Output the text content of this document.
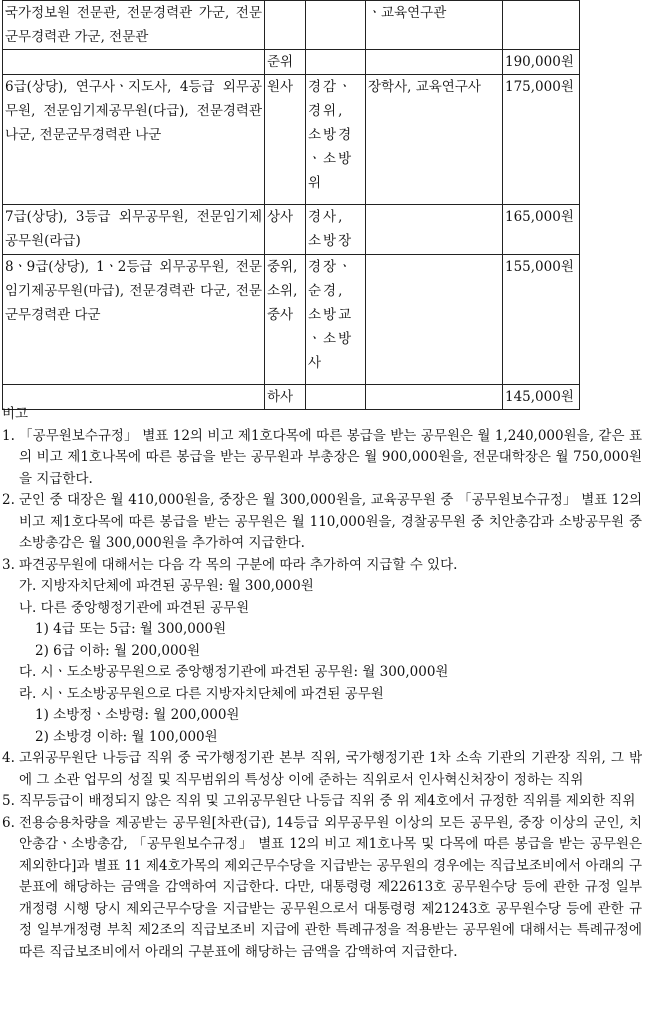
국가정보원 전문관, 전문경력관 가군, 전문군무경력관 가군, 전문관			ㆍ교육연구관	
	준위			190,000원
6급(상당), 연구사ㆍ지도사, 4등급 외무공무원, 전문임기제공무원(다급), 전문경력관 나군, 전문군무경력관 나군	원사	경감ㆍ경위, 소방경ㆍ소방위	장학사, 교육연구사	175,000원
7급(상당), 3등급 외무공무원, 전문임기제공무원(라급)	상사	경사, 소방장		165,000원
8ㆍ9급(상당), 1ㆍ2등급 외무공무원, 전문임기제공무원(마급), 전문경력관 다군, 전문군무경력관 다군	중위, 소위, 중사	경장ㆍ순경, 소방교ㆍ소방사		155,000원
	하사			145,000원

비고

1. 「공무원보수규정」 별표 12의 비고 제1호다목에 따른 봉급을 받는 공무원은 월 1,240,000원을, 같은 표의 비고 제1호나목에 따른 봉급을 받는 공무원과 부총장은 월 900,000원을, 전문대학장은 월 750,000원을 지급한다.
2. 군인 중 대장은 월 410,000원을, 중장은 월 300,000원을, 교육공무원 중 「공무원보수규정」 별표 12의 비고 제1호다목에 따른 봉급을 받는 공무원은 월 110,000원을, 경찰공무원 중 치안총감과 소방공무원 중 소방총감은 월 300,000원을 추가하여 지급한다.
3. 파견공무원에 대해서는 다음 각 목의 구분에 따라 추가하여 지급할 수 있다.

가. 지방자치단체에 파견된 공무원: 월 300,000원

나. 다른 중앙행정기관에 파견된 공무원

1) 4급 또는 5급: 월 300,000원

2) 6급 이하: 월 200,000원

다. 시ㆍ도소방공무원으로 중앙행정기관에 파견된 공무원: 월 300,000원

라. 시ㆍ도소방공무원으로 다른 지방자치단체에 파견된 공무원

1) 소방정ㆍ소방령: 월 200,000원

2) 소방경 이하: 월 100,000원

4. 고위공무원단 나등급 직위 중 국가행정기관 본부 직위, 국가행정기관 1차 소속 기관의 기관장 직위, 그 밖에 그 소관 업무의 성질 및 직무범위의 특성상 이에 준하는 직위로서 인사혁신처장이 정하는 직위
5. 직무등급이 배정되지 않은 직위 및 고위공무원단 나등급 직위 중 위 제4호에서 규정한 직위를 제외한 직위
6. 전용승용차량을 제공받는 공무원[차관(급), 14등급 외무공무원 이상의 모든 공무원, 중장 이상의 군인, 치안총감ㆍ소방총감, 「공무원보수규정」 별표 12의 비고 제1호나목 및 다목에 따른 봉급을 받는 공무원은 제외한다]과 별표 11 제4호가목의 제외근무수당을 지급받는 공무원의 경우에는 직급보조비에서 아래의 구분표에 해당하는 금액을 감액하여 지급한다. 다만, 대통령령 제22613호 공무원수당 등에 관한 규정 일부개정령 시행 당시 제외근무수당을 지급받는 공무원으로서 대통령령 제21243호 공무원수당 등에 관한 규정 일부개정령 부칙 제2조의 직급보조비 지급에 관한 특례규정을 적용받는 공무원에 대해서는 특례규정에 따른 직급보조비에서 아래의 구분표에 해당하는 금액을 감액하여 지급한다.
